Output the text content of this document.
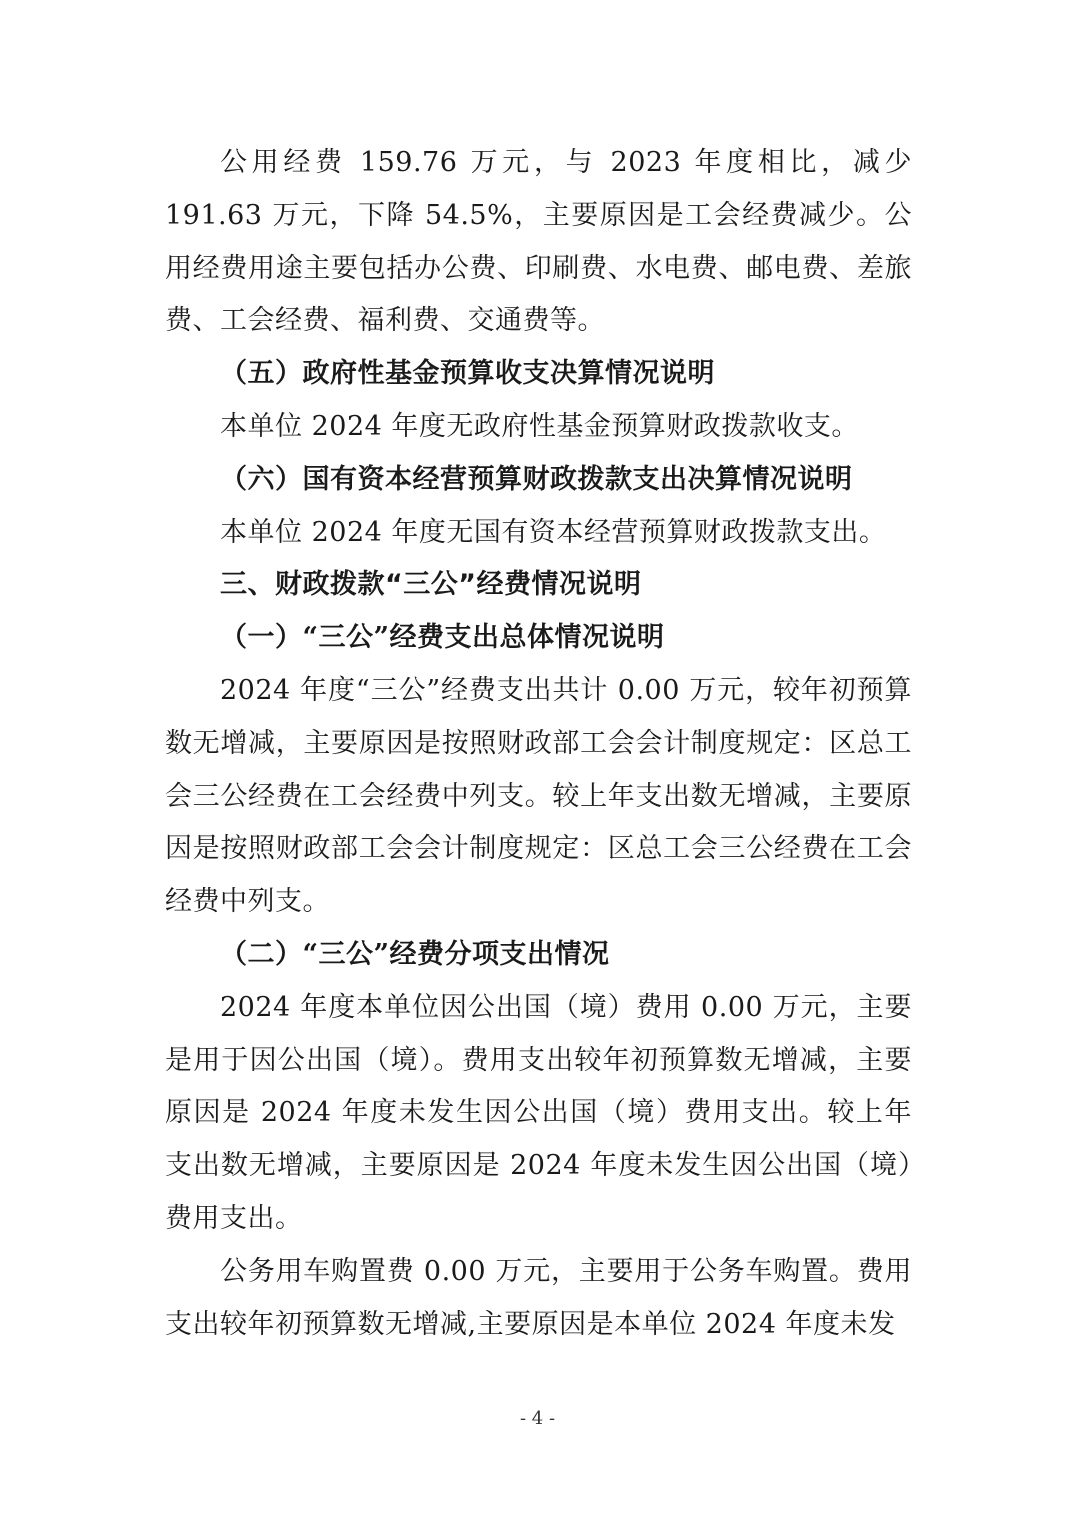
公用经费 159.76 万元，与 2023 年度相比，减少 191.63 万元，下降 54.5%，主要原因是工会经费减少。公用经费用途主要包括办公费、印刷费、水电费、邮电费、差旅费、工会经费、福利费、交通费等。

（五）政府性基金预算收支决算情况说明

本单位 2024 年度无政府性基金预算财政拨款收支。

（六）国有资本经营预算财政拨款支出决算情况说明

本单位 2024 年度无国有资本经营预算财政拨款支出。

三、财政拨款“三公”经费情况说明

（一）“三公”经费支出总体情况说明

2024 年度“三公”经费支出共计 0.00 万元，较年初预算数无增减，主要原因是按照财政部工会会计制度规定：区总工会三公经费在工会经费中列支。较上年支出数无增减，主要原因是按照财政部工会会计制度规定：区总工会三公经费在工会经费中列支。

（二）“三公”经费分项支出情况

2024 年度本单位因公出国（境）费用 0.00 万元，主要是用于因公出国（境）。费用支出较年初预算数无增减，主要原因是 2024 年度未发生因公出国（境）费用支出。较上年支出数无增减，主要原因是 2024 年度未发生因公出国（境）费用支出。

公务用车购置费 0.00 万元，主要用于公务车购置。费用支出较年初预算数无增减,主要原因是本单位 2024 年度未发

- 4 -
